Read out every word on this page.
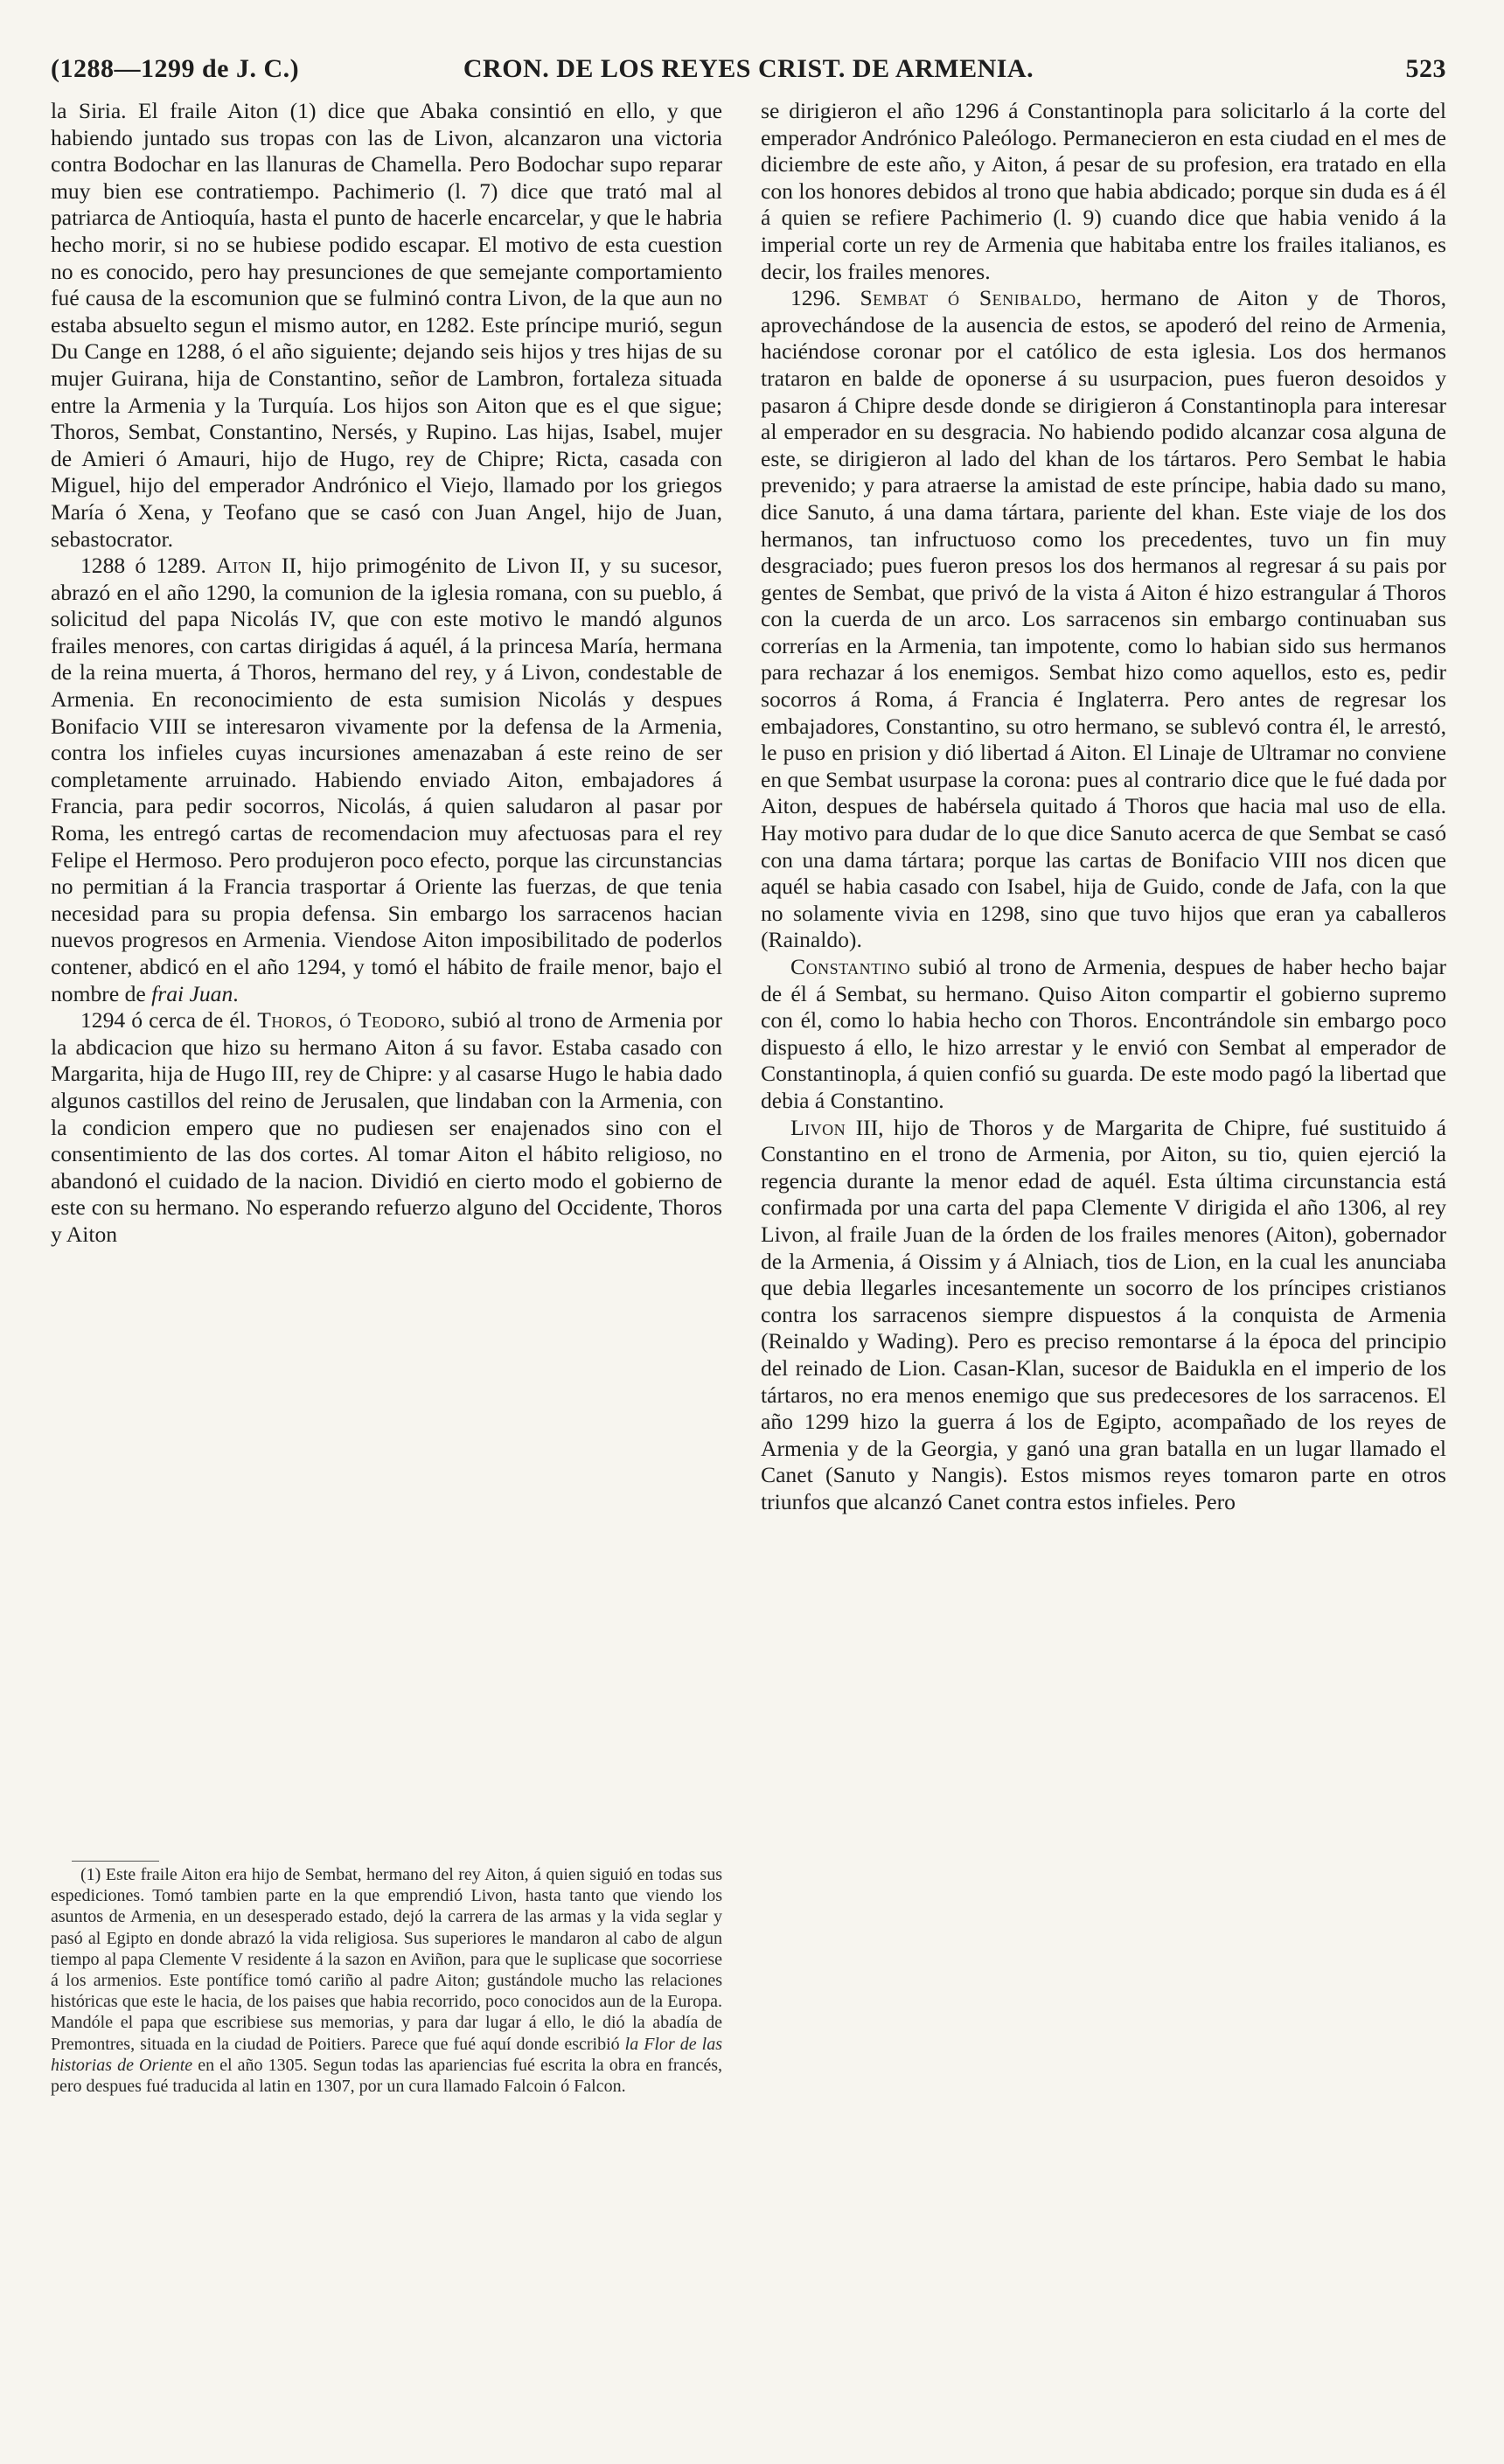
(1288—1299 de J. C.)	CRON. DE LOS REYES CRIST. DE ARMENIA.	523

la Siria. El fraile Aiton (1) dice que Abaka consintió en ello, y que habiendo juntado sus tropas con las de Livon, alcanzaron una victoria contra Bodochar en las llanuras de Chamella. Pero Bodochar supo reparar muy bien ese contratiempo. Pachimerio (l. 7) dice que trató mal al patriarca de Antioquía, hasta el punto de hacerle encarcelar, y que le habria hecho morir, si no se hubiese podido escapar. El motivo de esta cuestion no es conocido, pero hay presunciones de que semejante comportamiento fué causa de la escomunion que se fulminó contra Livon, de la que aun no estaba absuelto segun el mismo autor, en 1282. Este príncipe murió, segun Du Cange en 1288, ó el año siguiente; dejando seis hijos y tres hijas de su mujer Guirana, hija de Constantino, señor de Lambron, fortaleza situada entre la Armenia y la Turquía. Los hijos son Aiton que es el que sigue; Thoros, Sembat, Constantino, Nersés, y Rupino. Las hijas, Isabel, mujer de Amieri ó Amauri, hijo de Hugo, rey de Chipre; Ricta, casada con Miguel, hijo del emperador Andrónico el Viejo, llamado por los griegos María ó Xena, y Teofano que se casó con Juan Angel, hijo de Juan, sebastocrator.

1288 ó 1289. Aiton II, hijo primogénito de Livon II, y su sucesor, abrazó en el año 1290, la comunion de la iglesia romana, con su pueblo, á solicitud del papa Nicolás IV, que con este motivo le mandó algunos frailes menores, con cartas dirigidas á aquél, á la princesa María, hermana de la reina muerta, á Thoros, hermano del rey, y á Livon, condestable de Armenia. En reconocimiento de esta sumision Nicolás y despues Bonifacio VIII se interesaron vivamente por la defensa de la Armenia, contra los infieles cuyas incursiones amenazaban á este reino de ser completamente arruinado. Habiendo enviado Aiton, embajadores á Francia, para pedir socorros, Nicolás, á quien saludaron al pasar por Roma, les entregó cartas de recomendacion muy afectuosas para el rey Felipe el Hermoso. Pero produjeron poco efecto, porque las circunstancias no permitian á la Francia trasportar á Oriente las fuerzas, de que tenia necesidad para su propia defensa. Sin embargo los sarracenos hacian nuevos progresos en Armenia. Viendose Aiton imposibilitado de poderlos contener, abdicó en el año 1294, y tomó el hábito de fraile menor, bajo el nombre de frai Juan.

1294 ó cerca de él. Thoros, ó Teodoro, subió al trono de Armenia por la abdicacion que hizo su hermano Aiton á su favor. Estaba casado con Margarita, hija de Hugo III, rey de Chipre: y al casarse Hugo le habia dado algunos castillos del reino de Jerusalen, que lindaban con la Armenia, con la condicion empero que no pudiesen ser enajenados sino con el consentimiento de las dos cortes. Al tomar Aiton el hábito religioso, no abandonó el cuidado de la nacion. Dividió en cierto modo el gobierno de este con su hermano. No esperando refuerzo alguno del Occidente, Thoros y Aiton

(1) Este fraile Aiton era hijo de Sembat, hermano del rey Aiton, á quien siguió en todas sus espediciones. Tomó tambien parte en la que emprendió Livon, hasta tanto que viendo los asuntos de Armenia, en un desesperado estado, dejó la carrera de las armas y la vida seglar y pasó al Egipto en donde abrazó la vida religiosa. Sus superiores le mandaron al cabo de algun tiempo al papa Clemente V residente á la sazon en Aviñon, para que le suplicase que socorriese á los armenios. Este pontífice tomó cariño al padre Aiton; gustándole mucho las relaciones históricas que este le hacia, de los paises que habia recorrido, poco conocidos aun de la Europa. Mandóle el papa que escribiese sus memorias, y para dar lugar á ello, le dió la abadía de Premontres, situada en la ciudad de Poitiers. Parece que fué aquí donde escribió la Flor de las historias de Oriente en el año 1305. Segun todas las apariencias fué escrita la obra en francés, pero despues fué traducida al latin en 1307, por un cura llamado Falcoin ó Falcon.

se dirigieron el año 1296 á Constantinopla para solicitarlo á la corte del emperador Andrónico Paleólogo. Permanecieron en esta ciudad en el mes de diciembre de este año, y Aiton, á pesar de su profesion, era tratado en ella con los honores debidos al trono que habia abdicado; porque sin duda es á él á quien se refiere Pachimerio (l. 9) cuando dice que habia venido á la imperial corte un rey de Armenia que habitaba entre los frailes italianos, es decir, los frailes menores.

1296. Sembat ó Senibaldo, hermano de Aiton y de Thoros, aprovechándose de la ausencia de estos, se apoderó del reino de Armenia, haciéndose coronar por el católico de esta iglesia. Los dos hermanos trataron en balde de oponerse á su usurpacion, pues fueron desoidos y pasaron á Chipre desde donde se dirigieron á Constantinopla para interesar al emperador en su desgracia. No habiendo podido alcanzar cosa alguna de este, se dirigieron al lado del khan de los tártaros. Pero Sembat le habia prevenido; y para atraerse la amistad de este príncipe, habia dado su mano, dice Sanuto, á una dama tártara, pariente del khan. Este viaje de los dos hermanos, tan infructuoso como los precedentes, tuvo un fin muy desgraciado; pues fueron presos los dos hermanos al regresar á su pais por gentes de Sembat, que privó de la vista á Aiton é hizo estrangular á Thoros con la cuerda de un arco. Los sarracenos sin embargo continuaban sus correrías en la Armenia, tan impotente, como lo habian sido sus hermanos para rechazar á los enemigos. Sembat hizo como aquellos, esto es, pedir socorros á Roma, á Francia é Inglaterra. Pero antes de regresar los embajadores, Constantino, su otro hermano, se sublevó contra él, le arrestó, le puso en prision y dió libertad á Aiton. El Linaje de Ultramar no conviene en que Sembat usurpase la corona: pues al contrario dice que le fué dada por Aiton, despues de habérsela quitado á Thoros que hacia mal uso de ella. Hay motivo para dudar de lo que dice Sanuto acerca de que Sembat se casó con una dama tártara; porque las cartas de Bonifacio VIII nos dicen que aquél se habia casado con Isabel, hija de Guido, conde de Jafa, con la que no solamente vivia en 1298, sino que tuvo hijos que eran ya caballeros (Rainaldo).

Constantino subió al trono de Armenia, despues de haber hecho bajar de él á Sembat, su hermano. Quiso Aiton compartir el gobierno supremo con él, como lo habia hecho con Thoros. Encontrándole sin embargo poco dispuesto á ello, le hizo arrestar y le envió con Sembat al emperador de Constantinopla, á quien confió su guarda. De este modo pagó la libertad que debia á Constantino.

Livon III, hijo de Thoros y de Margarita de Chipre, fué sustituido á Constantino en el trono de Armenia, por Aiton, su tio, quien ejerció la regencia durante la menor edad de aquél. Esta última circunstancia está confirmada por una carta del papa Clemente V dirigida el año 1306, al rey Livon, al fraile Juan de la órden de los frailes menores (Aiton), gobernador de la Armenia, á Oissim y á Alniach, tios de Lion, en la cual les anunciaba que debia llegarles incesantemente un socorro de los príncipes cristianos contra los sarracenos siempre dispuestos á la conquista de Armenia (Reinaldo y Wading). Pero es preciso remontarse á la época del principio del reinado de Lion. Casan-Klan, sucesor de Baidukla en el imperio de los tártaros, no era menos enemigo que sus predecesores de los sarracenos. El año 1299 hizo la guerra á los de Egipto, acompañado de los reyes de Armenia y de la Georgia, y ganó una gran batalla en un lugar llamado el Canet (Sanuto y Nangis). Estos mismos reyes tomaron parte en otros triunfos que alcanzó Canet contra estos infieles. Pero
